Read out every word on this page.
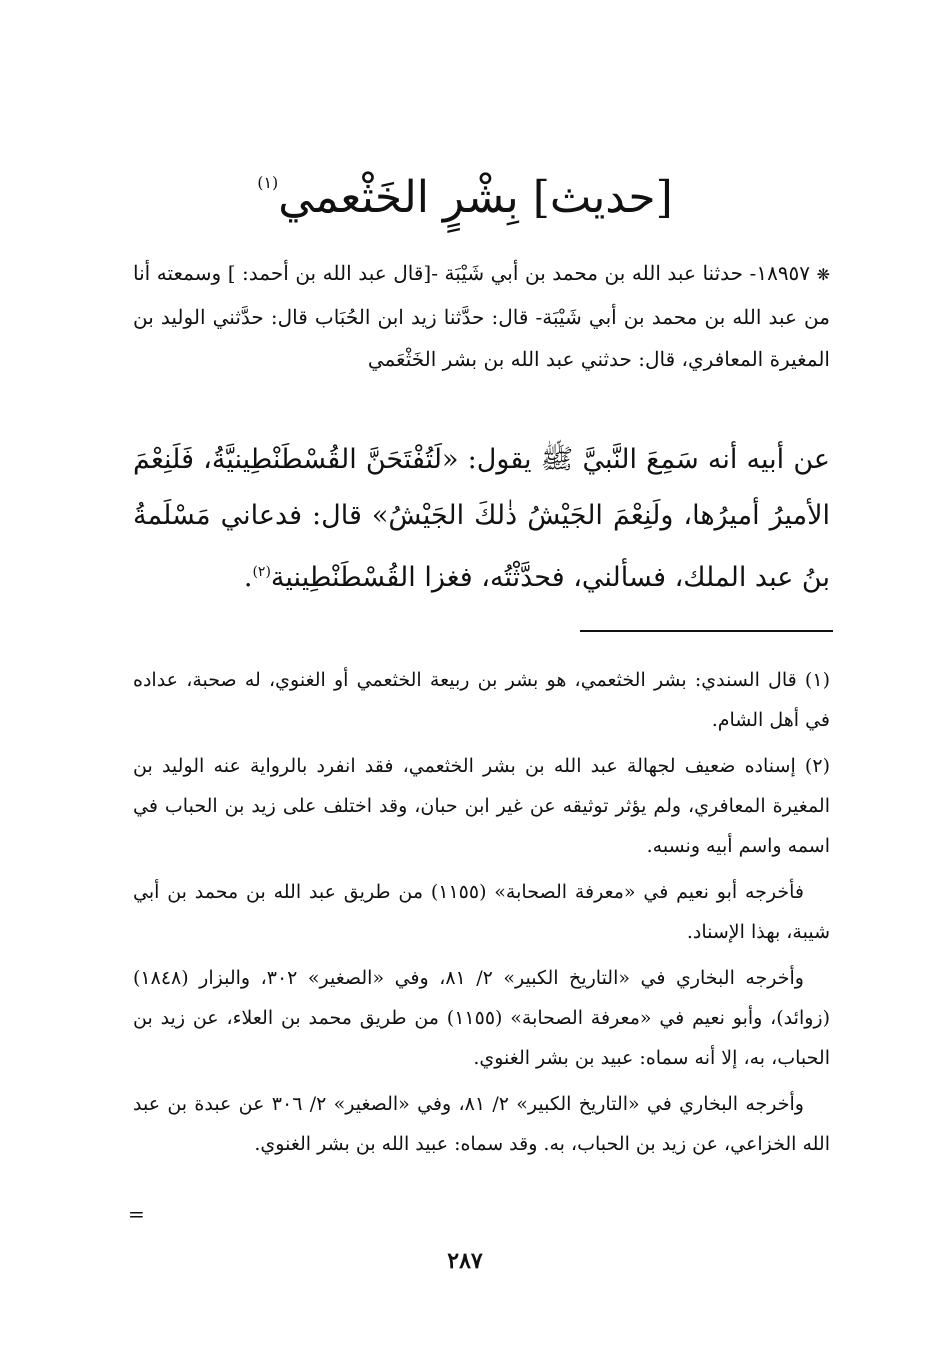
[حديث] بِشْرٍ الخَثْعمي$^{(١)}$
❋ ١٨٩٥٧- حدثنا عبد الله بن محمد بن أبي شَيْبَة -[قال عبد الله بن أحمد: ] وسمعته أنا من عبد الله بن محمد بن أبي شَيْبَة- قال: حدَّثنا زيد ابن الحُبَاب قال: حدَّثني الوليد بن المغيرة المعافري، قال: حدثني عبد الله بن بشر الخَثْعَمي
عن أبيه أنه سَمِعَ النَّبيَّ ﷺ يقول: «لَتُفْتَحَنَّ القُسْطَنْطِينيَّةُ، فَلَنِعْمَ الأميرُ أميرُها، ولَنِعْمَ الجَيْشُ ذٰلكَ الجَيْشُ» قال: فدعاني مَسْلَمةُ بنُ عبد الملك، فسألني، فحدَّثْتُه، فغزا القُسْطَنْطِينية$^{(٢)}$.

(١) قال السندي: بشر الخثعمي، هو بشر بن ربيعة الخثعمي أو الغنوي، له صحبة، عداده في أهل الشام.

(٢) إسناده ضعيف لجهالة عبد الله بن بشر الخثعمي، فقد انفرد بالرواية عنه الوليد بن المغيرة المعافري، ولم يؤثر توثيقه عن غير ابن حبان، وقد اختلف على زيد بن الحباب في اسمه واسم أبيه ونسبه.

فأخرجه أبو نعيم في «معرفة الصحابة» (١١٥٥) من طريق عبد الله بن محمد بن أبي شيبة، بهذا الإسناد.

وأخرجه البخاري في «التاريخ الكبير» ٢/ ٨١، وفي «الصغير» ٣٠٢، والبزار (١٨٤٨) (زوائد)، وأبو نعيم في «معرفة الصحابة» (١١٥٥) من طريق محمد بن العلاء، عن زيد بن الحباب، به، إلا أنه سماه: عبيد بن بشر الغنوي.

وأخرجه البخاري في «التاريخ الكبير» ٢/ ٨١، وفي «الصغير» ٢/ ٣٠٦ عن عبدة بن عبد الله الخزاعي، عن زيد بن الحباب، به. وقد سماه: عبيد الله بن بشر الغنوي.

=
٢٨٧
